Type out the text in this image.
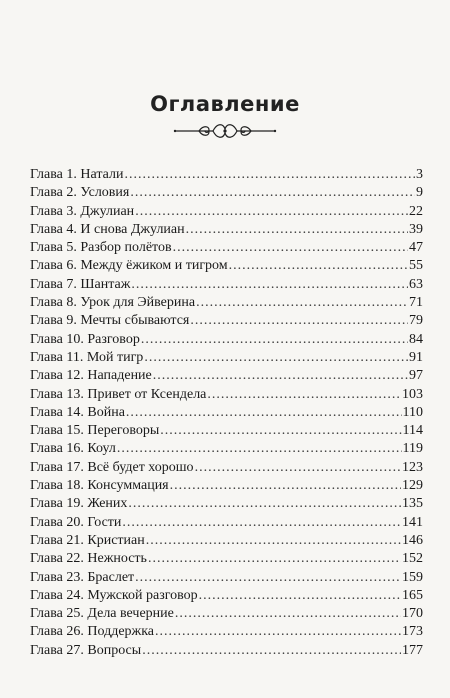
Оглавление
Глава 1. Натали .....	3
Глава 2. Условия .....	9
Глава 3. Джулиан .....	22
Глава 4. И снова Джулиан .....	39
Глава 5. Разбор полётов .....	47
Глава 6. Между ёжиком и тигром .....	55
Глава 7. Шантаж .....	63
Глава 8. Урок для Эйверина .....	71
Глава 9. Мечты сбываются .....	79
Глава 10. Разговор .....	84
Глава 11. Мой тигр .....	91
Глава 12. Нападение .....	97
Глава 13. Привет от Ксендела .....	103
Глава 14. Война .....	110
Глава 15. Переговоры .....	114
Глава 16. Коул .....	119
Глава 17. Всё будет хорошо .....	123
Глава 18. Консуммация .....	129
Глава 19. Жених .....	135
Глава 20. Гости .....	141
Глава 21. Кристиан .....	146
Глава 22. Нежность .....	152
Глава 23. Браслет .....	159
Глава 24. Мужской разговор .....	165
Глава 25. Дела вечерние .....	170
Глава 26. Поддержка .....	173
Глава 27. Вопросы .....	177
